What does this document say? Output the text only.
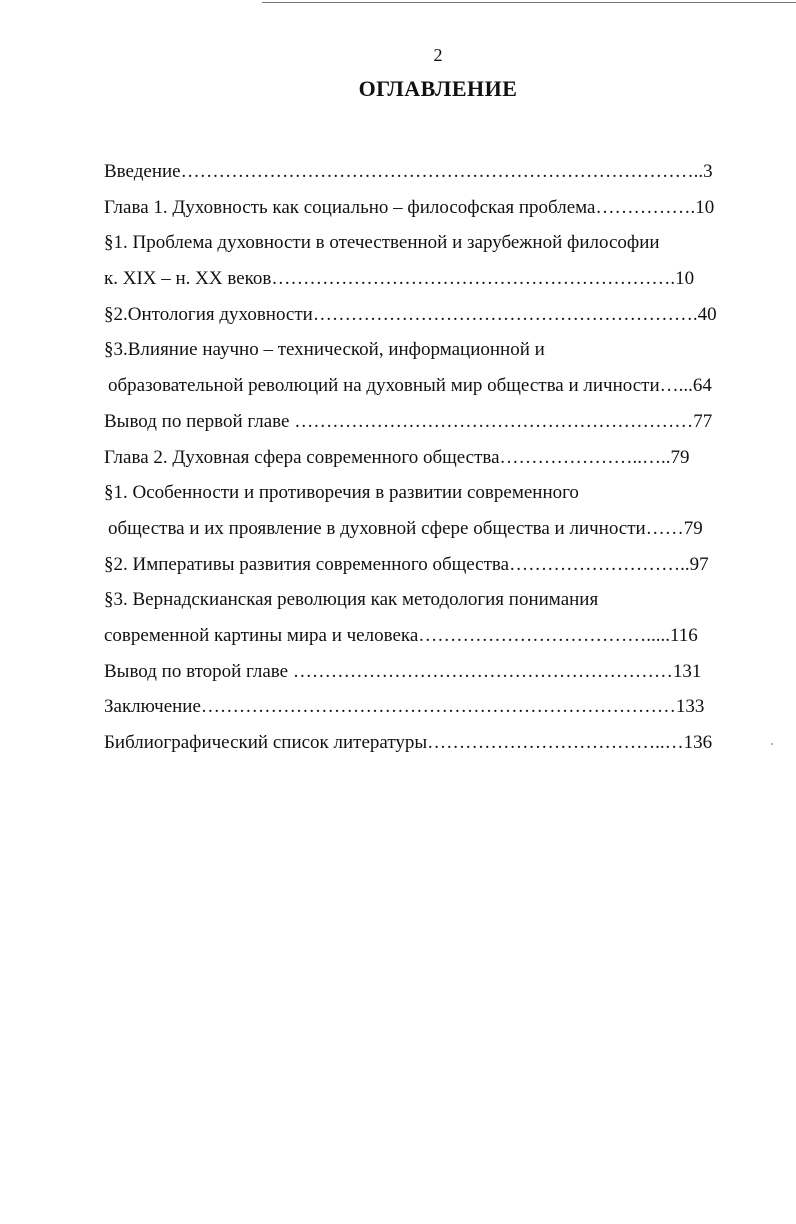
2
ОГЛАВЛЕНИЕ
Введение………………………………………………………………………..3
Глава 1. Духовность как социально – философская проблема…………….10
§1. Проблема духовности в отечественной и зарубежной философии
к. XIX – н. XX веков……………………………………………………….10
§2.Онтология духовности…………………………………………………….40
§3.Влияние научно – технической, информационной и
образовательной революций на духовный мир общества и личности…...64
Вывод по первой главе ………………………………………………………77
Глава 2. Духовная сфера современного общества…………………..…..79
§1. Особенности и противоречия в развитии современного
общества и их проявление в духовной сфере общества и личности……79
§2. Императивы развития современного общества………………………..97
§3. Вернадскианская революция как методология понимания
современной картины мира и человека……………………………….....116
Вывод по второй главе ……………………………………………………131
Заключение…………………………………………………………………133
Библиографический список литературы………………………………..…136
